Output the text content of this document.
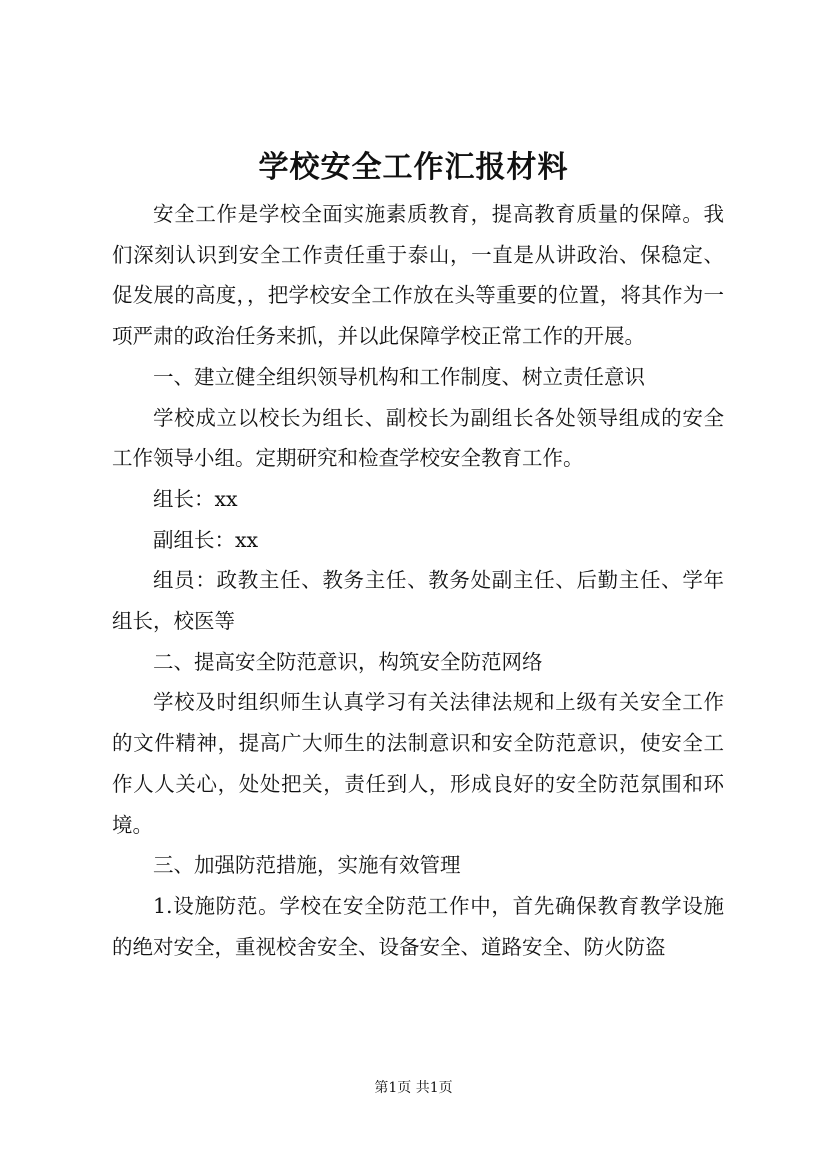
学校安全工作汇报材料

安全工作是学校全面实施素质教育，提高教育质量的保障。我们深刻认识到安全工作责任重于泰山，一直是从讲政治、保稳定、促发展的高度，，把学校安全工作放在头等重要的位置，将其作为一项严肃的政治任务来抓，并以此保障学校正常工作的开展。

一、建立健全组织领导机构和工作制度、树立责任意识

学校成立以校长为组长、副校长为副组长各处领导组成的安全工作领导小组。定期研究和检查学校安全教育工作。

组长：xx

副组长：xx

组员：政教主任、教务主任、教务处副主任、后勤主任、学年组长，校医等

二、提高安全防范意识，构筑安全防范网络

学校及时组织师生认真学习有关法律法规和上级有关安全工作的文件精神，提高广大师生的法制意识和安全防范意识，使安全工作人人关心，处处把关，责任到人，形成良好的安全防范氛围和环境。

三、加强防范措施，实施有效管理

1.设施防范。学校在安全防范工作中，首先确保教育教学设施的绝对安全，重视校舍安全、设备安全、道路安全、防火防盗

第1页 共1页
